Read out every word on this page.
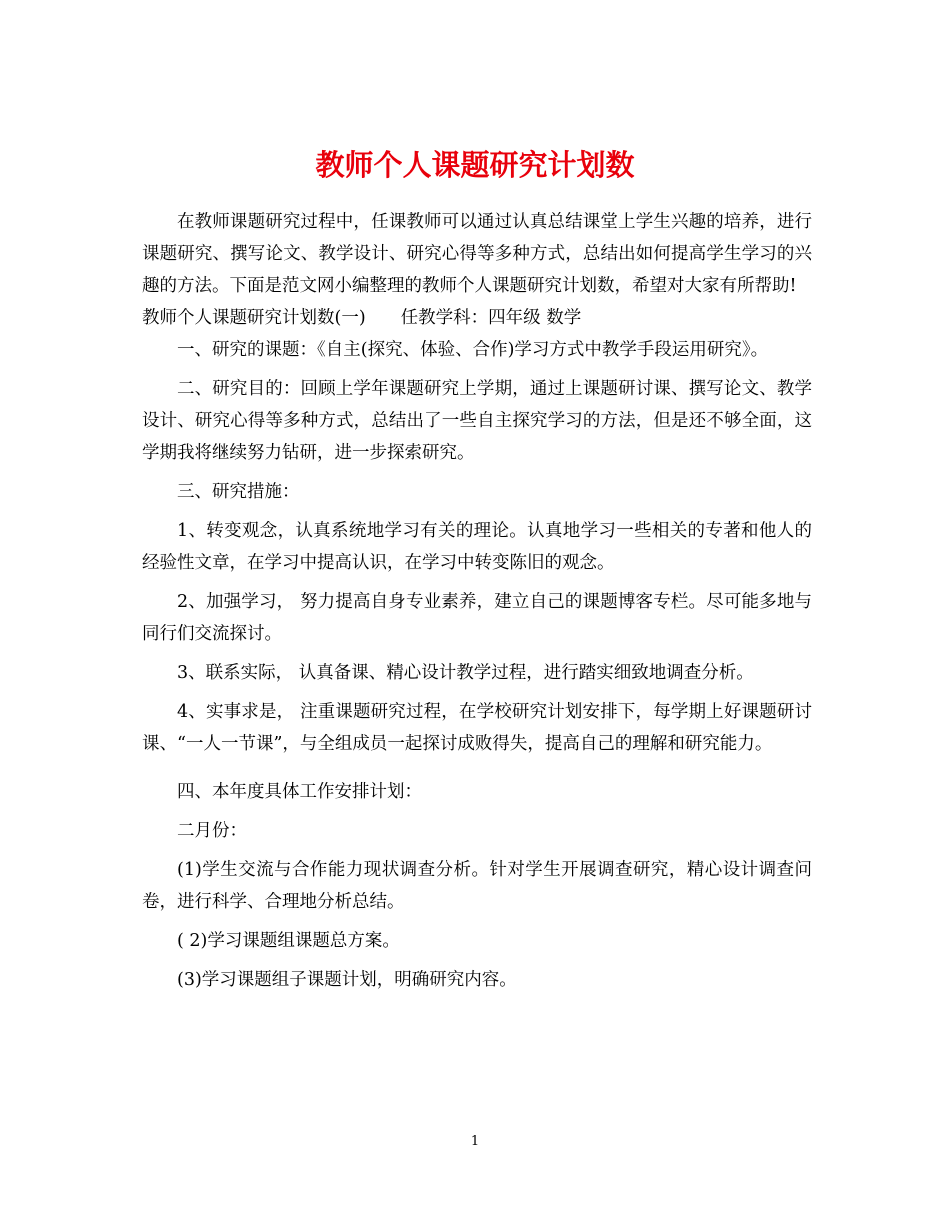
教师个人课题研究计划数

在教师课题研究过程中，任课教师可以通过认真总结课堂上学生兴趣的培养，进行课题研究、撰写论文、教学设计、研究心得等多种方式，总结出如何提高学生学习的兴趣的方法。下面是范文网小编整理的教师个人课题研究计划数，希望对大家有所帮助!

教师个人课题研究计划数(一)　　任教学科：四年级 数学

一、研究的课题：《自主(探究、体验、合作)学习方式中教学手段运用研究》。

二、研究目的：回顾上学年课题研究上学期，通过上课题研讨课、撰写论文、教学设计、研究心得等多种方式，总结出了一些自主探究学习的方法，但是还不够全面，这学期我将继续努力钻研，进一步探索研究。

三、研究措施：

1、转变观念，认真系统地学习有关的理论。认真地学习一些相关的专著和他人的经验性文章，在学习中提高认识，在学习中转变陈旧的观念。

2、加强学习， 努力提高自身专业素养，建立自己的课题博客专栏。尽可能多地与同行们交流探讨。

3、联系实际， 认真备课、精心设计教学过程，进行踏实细致地调查分析。

4、实事求是， 注重课题研究过程，在学校研究计划安排下，每学期上好课题研讨课、“一人一节课”，与全组成员一起探讨成败得失，提高自己的理解和研究能力。

四、本年度具体工作安排计划：

二月份：

(1)学生交流与合作能力现状调查分析。针对学生开展调查研究，精心设计调查问卷，进行科学、合理地分析总结。

( 2)学习课题组课题总方案。

(3)学习课题组子课题计划，明确研究内容。

1
